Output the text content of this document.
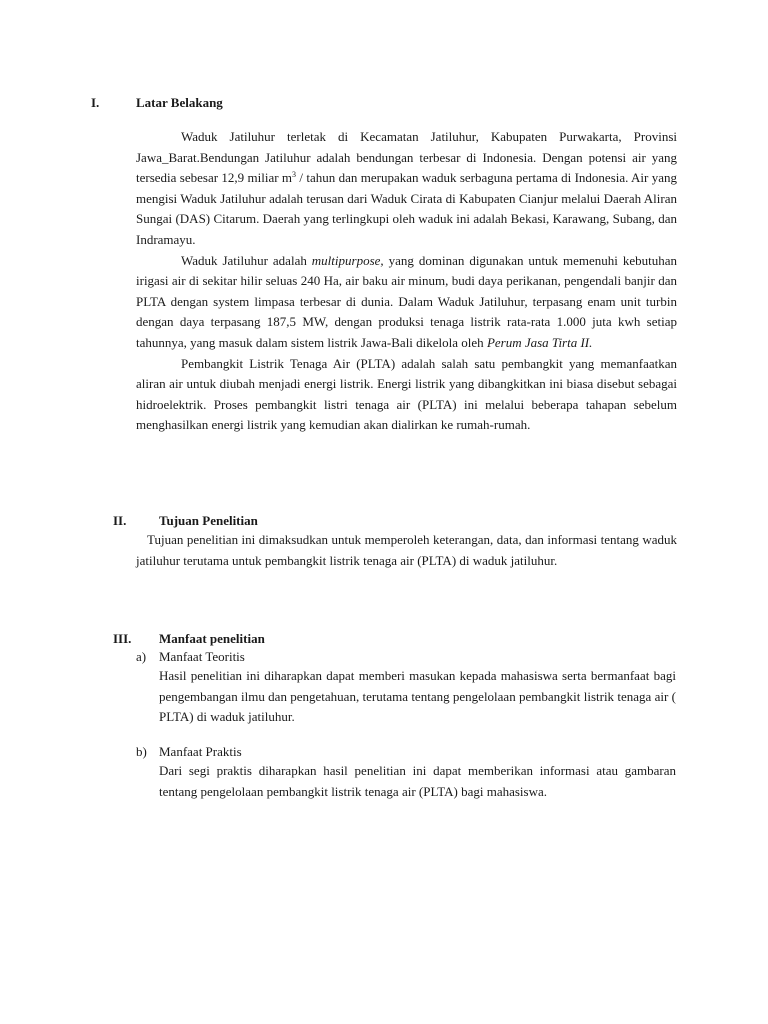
I.	Latar Belakang

Waduk Jatiluhur terletak di Kecamatan Jatiluhur, Kabupaten Purwakarta, Provinsi Jawa_Barat.Bendungan Jatiluhur adalah bendungan terbesar di Indonesia. Dengan potensi air yang tersedia sebesar 12,9 miliar $m^3$ / tahun dan merupakan waduk serbaguna pertama di Indonesia. Air yang mengisi Waduk Jatiluhur adalah terusan dari Waduk Cirata di Kabupaten Cianjur melalui Daerah Aliran Sungai (DAS) Citarum. Daerah yang terlingkupi oleh waduk ini adalah Bekasi, Karawang, Subang, dan Indramayu.

Waduk Jatiluhur adalah multipurpose, yang dominan digunakan untuk memenuhi kebutuhan irigasi air di sekitar hilir seluas 240 Ha, air baku air minum, budi daya perikanan, pengendali banjir dan PLTA dengan system limpasa terbesar di dunia. Dalam Waduk Jatiluhur, terpasang enam unit turbin dengan daya terpasang 187,5 MW, dengan produksi tenaga listrik rata-rata 1.000 juta kwh setiap tahunnya, yang masuk dalam sistem listrik Jawa-Bali dikelola oleh Perum Jasa Tirta II.

Pembangkit Listrik Tenaga Air (PLTA) adalah salah satu pembangkit yang memanfaatkan aliran air untuk diubah menjadi energi listrik. Energi listrik yang dibangkitkan ini biasa disebut sebagai hidroelektrik. Proses pembangkit listri tenaga air (PLTA) ini melalui beberapa tahapan sebelum menghasilkan energi listrik yang kemudian akan dialirkan ke rumah-rumah.

II.	Tujuan Penelitian

Tujuan penelitian ini dimaksudkan untuk memperoleh keterangan, data, dan informasi tentang waduk jatiluhur terutama untuk pembangkit listrik tenaga air (PLTA) di waduk jatiluhur.

III. Manfaat penelitian
a) Manfaat Teoritis

Hasil penelitian ini diharapkan dapat memberi masukan kepada mahasiswa serta bermanfaat bagi pengembangan ilmu dan pengetahuan, terutama tentang pengelolaan pembangkit listrik tenaga air ( PLTA) di waduk jatiluhur.

b) Manfaat Praktis

Dari segi praktis diharapkan hasil penelitian ini dapat memberikan informasi atau gambaran tentang pengelolaan pembangkit listrik tenaga air (PLTA) bagi mahasiswa.
